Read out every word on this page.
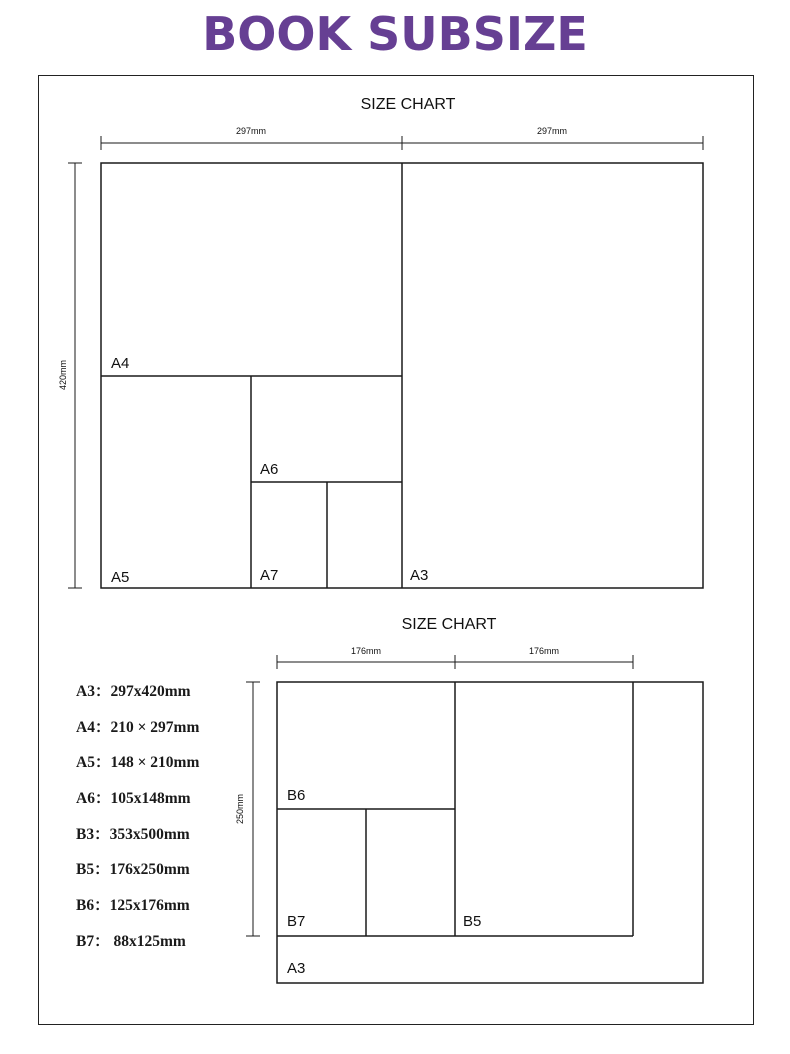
BOOK SUBSIZE
SIZE CHART
297mm	297mm
420mm	A4
A5
A6
A7	A3
SIZE CHART
176mm	176mm
250mm	B6
B7	B5
A3
A3：297x420mm
A4：210 × 297mm
A5：148 × 210mm
A6：105x148mm
B3：353x500mm
B5：176x250mm
B6：125x176mm
B7： 88x125mm
